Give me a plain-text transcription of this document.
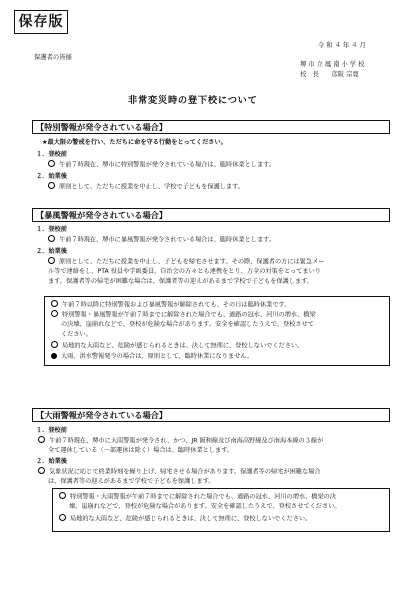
保存版
保護者の皆様
令 和 ４ 年 ４ 月
堺 市 立 鳳 南 小 学 校
校　長　　彦阪 宗寛
非常変災時の登下校について
【特別警報が発令されている場合】
★最大限の警戒を行い、ただちに命を守る行動をとってください。
１．登校前
午前７時現在、堺市に特別警報が発令されている場合は、臨時休業とします。
２．始業後
原則として、ただちに授業を中止し、学校で子どもを保護します。
【暴風警報が発令されている場合】
１．登校前
午前７時現在、堺市に暴風警報が発令されている場合は、臨時休業とします。
２．始業後
原則として、ただちに授業を中止し、子どもを帰宅させます。その際、保護者の方には緊急メー
ル等で連絡をし、PTA 役員や学級委員、自治会の方々とも連携をとり、万全の対策をとってまいり
ます。保護者等の帰宅が困難な場合は、保護者等の迎えがあるまで学校で子どもを保護します。
午前７時以降に特別警報および暴風警報が解除されても、その日は臨時休業です。
特別警報・暴風警報が午前７時までに解除された場合でも、道路の冠水、河川の増水、橋梁
の決壊、崖崩れなどで、登校が危険な場合があります。安全を確認したうえで、登校させて
ください。
局地的な大雨など、危険が感じられるときは、決して無理に、登校しないでください。
大雨、洪水警報発令の場合は、原則として、臨時休業になりません。
【大雨警報が発令されている場合】
１．登校前
午前７時現在、堺市に大雨警報が発令され、かつ、JR 阪和線及び南海高野線及び南海本線の３線が
全て運休している（一部運休は除く）場合は、臨時休業とします。
２．始業後
気象状況に応じて終業時刻を繰り上げ、帰宅させる場合があります。保護者等の帰宅が困難な場合
は、保護者等の迎えがあるまで学校で子どもを保護します。
特別警報・大雨警報が午前７時までに解除された場合でも、道路の冠水、河川の増水、橋梁の決
壊、崖崩れなどで、登校が危険な場合があります。安全を確認したうえで、登校させてください。
局地的な大雨など、危険が感じられるときは、決して無理に、登校しないでください。
